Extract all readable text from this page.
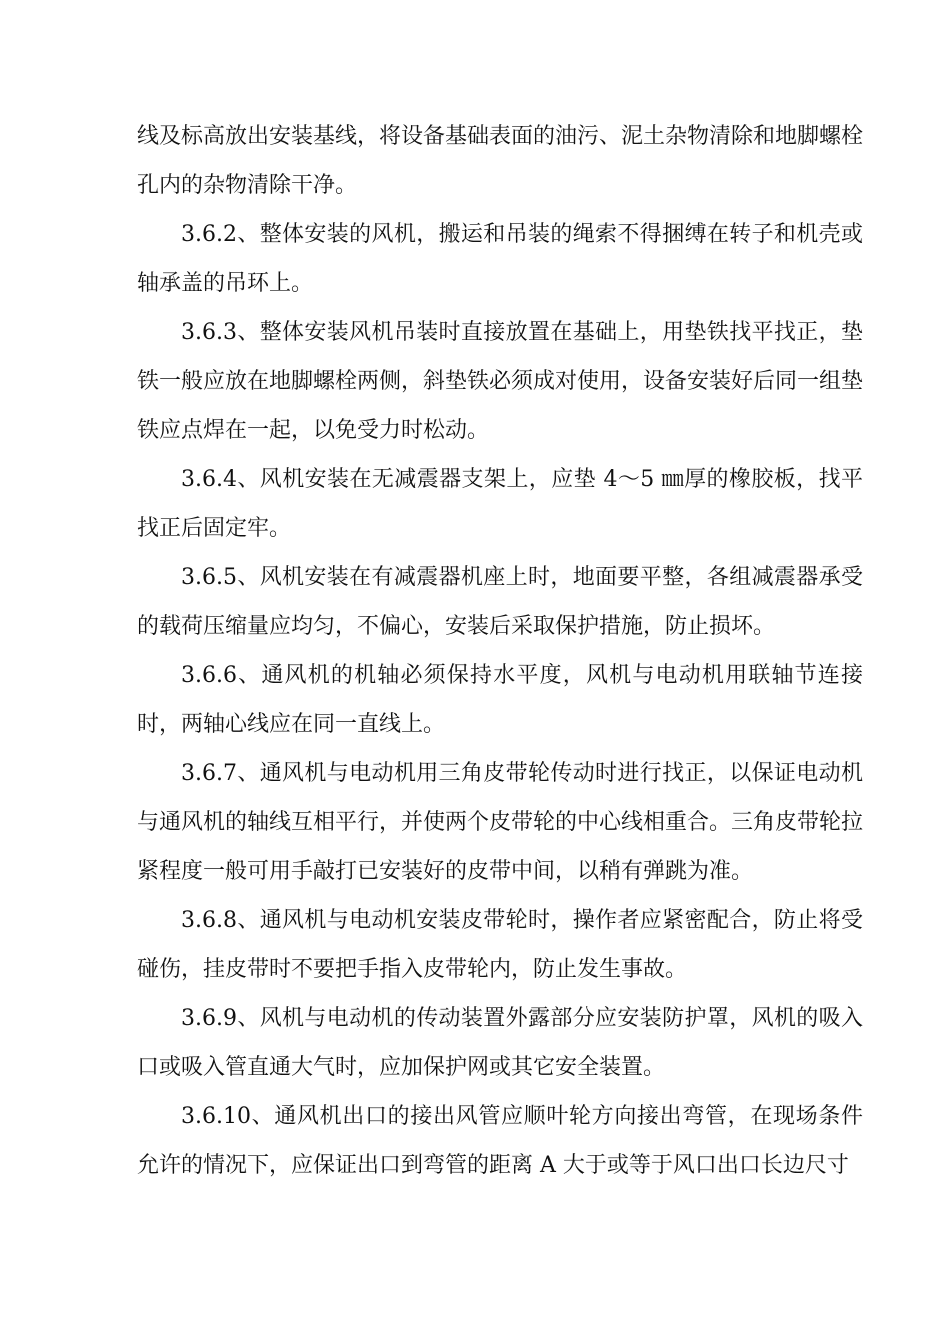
线及标高放出安装基线，将设备基础表面的油污、泥土杂物清除和地脚螺栓孔内的杂物清除干净。

3.6.2、整体安装的风机，搬运和吊装的绳索不得捆缚在转子和机壳或轴承盖的吊环上。

3.6.3、整体安装风机吊装时直接放置在基础上，用垫铁找平找正，垫铁一般应放在地脚螺栓两侧，斜垫铁必须成对使用，设备安装好后同一组垫铁应点焊在一起，以免受力时松动。

3.6.4、风机安装在无减震器支架上，应垫 4～5 ㎜厚的橡胶板，找平找正后固定牢。

3.6.5、风机安装在有减震器机座上时，地面要平整，各组减震器承受的载荷压缩量应均匀，不偏心，安装后采取保护措施，防止损坏。

3.6.6、通风机的机轴必须保持水平度，风机与电动机用联轴节连接时，两轴心线应在同一直线上。

3.6.7、通风机与电动机用三角皮带轮传动时进行找正，以保证电动机与通风机的轴线互相平行，并使两个皮带轮的中心线相重合。三角皮带轮拉紧程度一般可用手敲打已安装好的皮带中间，以稍有弹跳为准。

3.6.8、通风机与电动机安装皮带轮时，操作者应紧密配合，防止将受碰伤，挂皮带时不要把手指入皮带轮内，防止发生事故。

3.6.9、风机与电动机的传动装置外露部分应安装防护罩，风机的吸入口或吸入管直通大气时，应加保护网或其它安全装置。

3.6.10、通风机出口的接出风管应顺叶轮方向接出弯管，在现场条件允许的情况下，应保证出口到弯管的距离 A 大于或等于风口出口长边尺寸
